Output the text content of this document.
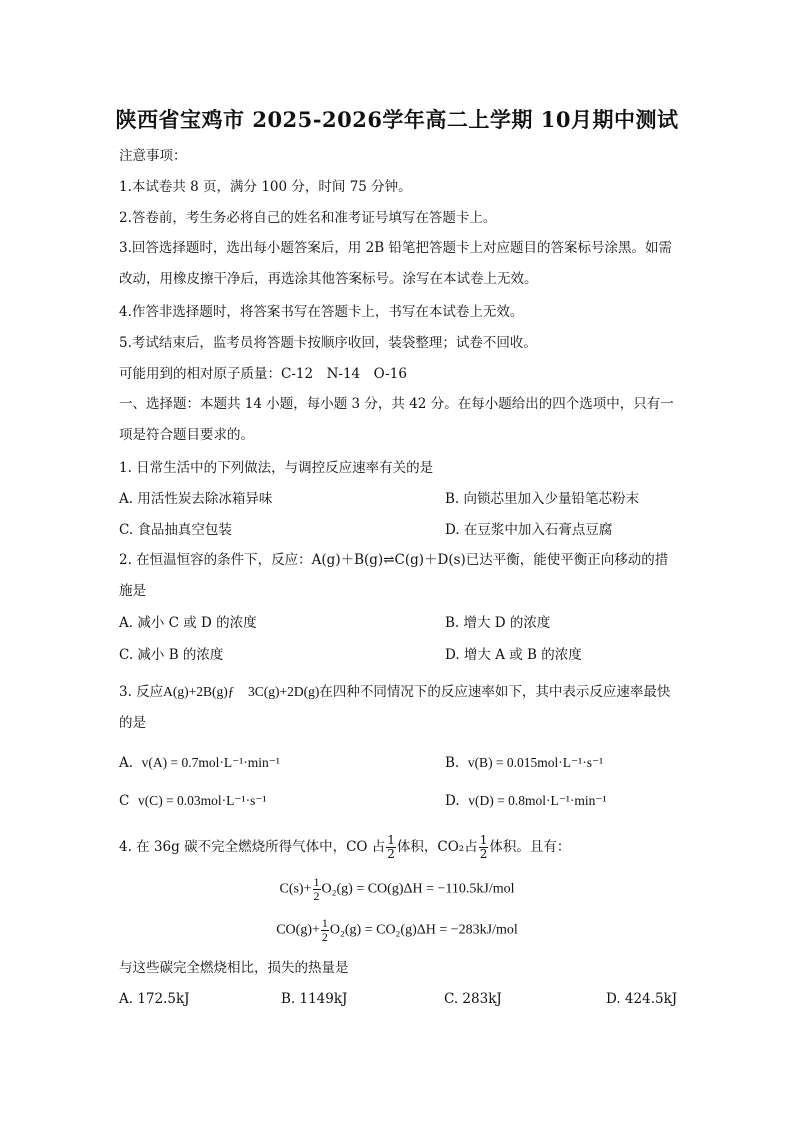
陕西省宝鸡市 2025-2026学年高二上学期 10月期中测试
注意事项：
1.本试卷共 8 页，满分 100 分，时间 75 分钟。
2.答卷前，考生务必将自己的姓名和准考证号填写在答题卡上。
3.回答选择题时，选出每小题答案后，用 2B 铅笔把答题卡上对应题目的答案标号涂黑。如需改动，用橡皮擦干净后，再选涂其他答案标号。涂写在本试卷上无效。
4.作答非选择题时，将答案书写在答题卡上，书写在本试卷上无效。
5.考试结束后，监考员将答题卡按顺序收回，装袋整理；试卷不回收。
可能用到的相对原子质量：C-12　N-14　O-16
一、选择题：本题共 14 小题，每小题 3 分，共 42 分。在每小题给出的四个选项中，只有一项是符合题目要求的。
1. 日常生活中的下列做法，与调控反应速率有关的是
A. 用活性炭去除冰箱异味	B. 向锁芯里加入少量铅笔芯粉末
C. 食品抽真空包装	D. 在豆浆中加入石膏点豆腐
2. 在恒温恒容的条件下，反应：A(g)＋B(g)⇌C(g)＋D(s)已达平衡，能使平衡正向移动的措施是
A. 减小 C 或 D 的浓度	B. 增大 D 的浓度
C. 减小 B 的浓度	D. 增大 A 或 B 的浓度
3. 反应A(g)+2B(g)ƒ　3C(g)+2D(g)在四种不同情况下的反应速率如下，其中表示反应速率最快的是
A. v(A) = 0.7mol·L⁻¹·min⁻¹	B. v(B) = 0.015mol·L⁻¹·s⁻¹
C v(C) = 0.03mol·L⁻¹·s⁻¹	D. v(D) = 0.8mol·L⁻¹·min⁻¹
4. 在 36g 碳不完全燃烧所得气体中，CO 占 $\frac{1}{2}$ 体积，CO₂占 $\frac{1}{2}$ 体积。且有：
$C(s)+ \frac{1}{2} O_2(g) = CO(g)\Delta H = -110.5kJ/mol$
$CO(g)+ \frac{1}{2} O_2(g) = CO_2(g)\Delta H = -283kJ/mol$
与这些碳完全燃烧相比，损失的热量是
A. 172.5kJ	B. 1149kJ	C. 283kJ	D. 424.5kJ
